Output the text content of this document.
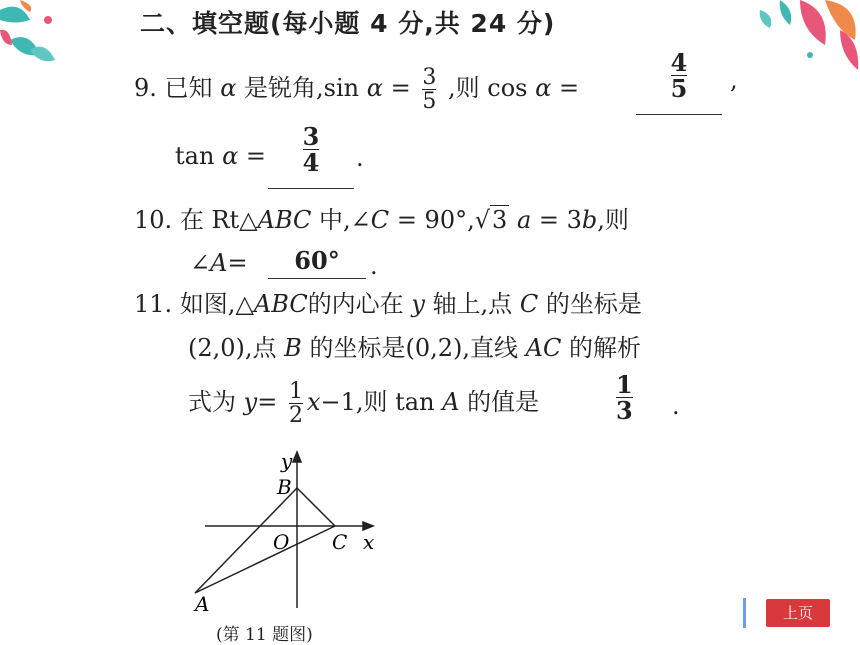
二、填空题(每小题 4 分,共 24 分)
9. 已知 α 是锐角,sin $\alpha = \frac{3}{5}$ ,则 cos α =	$\frac{4}{5}$ ,
$\tan \alpha = \frac{3}{4}$ .
10. 在 Rt△ABC 中,∠C = 90°,√3 a = 3b,则
∠A=	60°	.
11. 如图,△ABC的内心在 y 轴上,点 C 的坐标是
(2,0),点 B 的坐标是(0,2),直线 AC 的解析
式为 $y= \frac{1}{2} x-1$,则 tan A 的值是	$\frac{1}{3}$ .
y
x
B
O C
A
(第 11 题图)
上页
